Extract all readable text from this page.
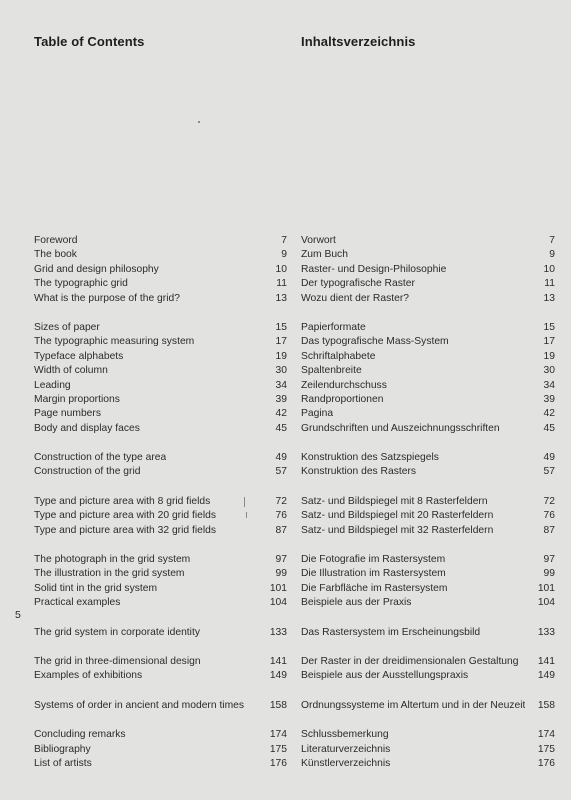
Table of Contents	Inhaltsverzeichnis
Foreword	7
The book	9
Grid and design philosophy	10
The typographic grid	11
What is the purpose of the grid?	13
Sizes of paper	15
The typographic measuring system	17
Typeface alphabets	19
Width of column	30
Leading	34
Margin proportions	39
Page numbers	42
Body and display faces	45
Construction of the type area	49
Construction of the grid	57
Type and picture area with 8 grid fields	72
Type and picture area with 20 grid fields	76
Type and picture area with 32 grid fields	87
The photograph in the grid system	97
The illustration in the grid system	99
Solid tint in the grid system	101
Practical examples	104
The grid system in corporate identity	133
The grid in three-dimensional design	141
Examples of exhibitions	149
Systems of order in ancient and modern times	158
Concluding remarks	174
Bibliography	175
List of artists	176
Vorwort	7
Zum Buch	9
Raster- und Design-Philosophie	10
Der typografische Raster	11
Wozu dient der Raster?	13
Papierformate	15
Das typografische Mass-System	17
Schriftalphabete	19
Spaltenbreite	30
Zeilendurchschuss	34
Randproportionen	39
Pagina	42
Grundschriften und Auszeichnungsschriften	45
Konstruktion des Satzspiegels	49
Konstruktion des Rasters	57
Satz- und Bildspiegel mit 8 Rasterfeldern	72
Satz- und Bildspiegel mit 20 Rasterfeldern	76
Satz- und Bildspiegel mit 32 Rasterfeldern	87
Die Fotografie im Rastersystem	97
Die Illustration im Rastersystem	99
Die Farbfläche im Rastersystem	101
Beispiele aus der Praxis	104
Das Rastersystem im Erscheinungsbild	133
Der Raster in der dreidimensionalen Gestaltung	141
Beispiele aus der Ausstellungspraxis	149
Ordnungssysteme im Altertum und in der Neuzeit	158
Schlussbemerkung	174
Literaturverzeichnis	175
Künstlerverzeichnis	176
5
